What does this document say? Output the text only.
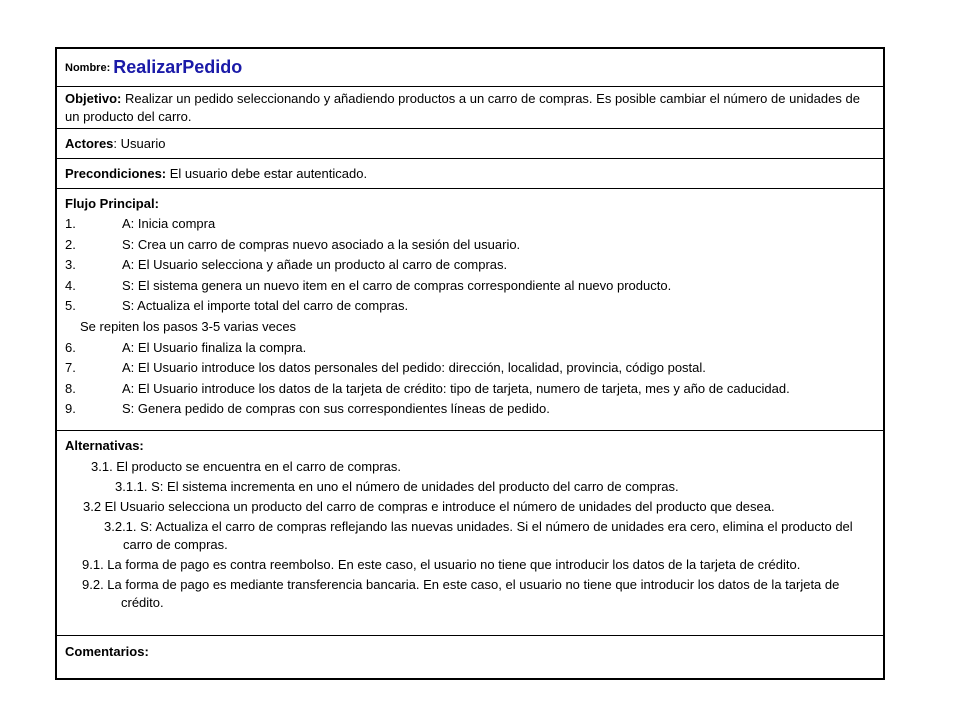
Nombre : RealizarPedido
Objetivo: Realizar un pedido seleccionando y añadiendo productos a un carro de compras. Es posible cambiar el número de unidades de un producto del carro.
Actores : Usuario
Precondiciones:
El usuario debe estar autenticado.
Flujo Principal:
1.	A: Inicia compra
2.	S: Crea un carro de compras nuevo asociado a la sesión del usuario.
3.	A: El Usuario selecciona y añade un producto al carro de compras.
4.	S: El sistema genera un nuevo item en el carro de compras correspondiente al nuevo producto.
5.	S: Actualiza el importe total del carro de compras.
Se repiten los pasos 3-5 varias veces
6.	A: El Usuario finaliza la compra.
7.	A: El Usuario introduce los datos personales del pedido: dirección, localidad, provincia, código postal.
8.	A: El Usuario introduce los datos de la tarjeta de crédito: tipo de tarjeta, numero de tarjeta, mes y año de caducidad.
9.	S: Genera pedido de compras con sus correspondientes líneas de pedido.
Alternativas:
3.1. El producto se encuentra en el carro de compras.
3.1.1. S: El sistema incrementa en uno el número de unidades del producto del carro de compras.
3.2 El Usuario selecciona un producto del carro de compras e introduce el número de unidades del producto que desea.
3.2.1. S: Actualiza el carro de compras reflejando las nuevas unidades. Si el número de unidades era cero, elimina el producto del carro de compras.
9.1. La forma de pago es contra reembolso. En este caso, el usuario no tiene que introducir los datos de la tarjeta de crédito.
9.2. La forma de pago es mediante transferencia bancaria. En este caso, el usuario no tiene que introducir los datos de la tarjeta de crédito.
Comentarios:
